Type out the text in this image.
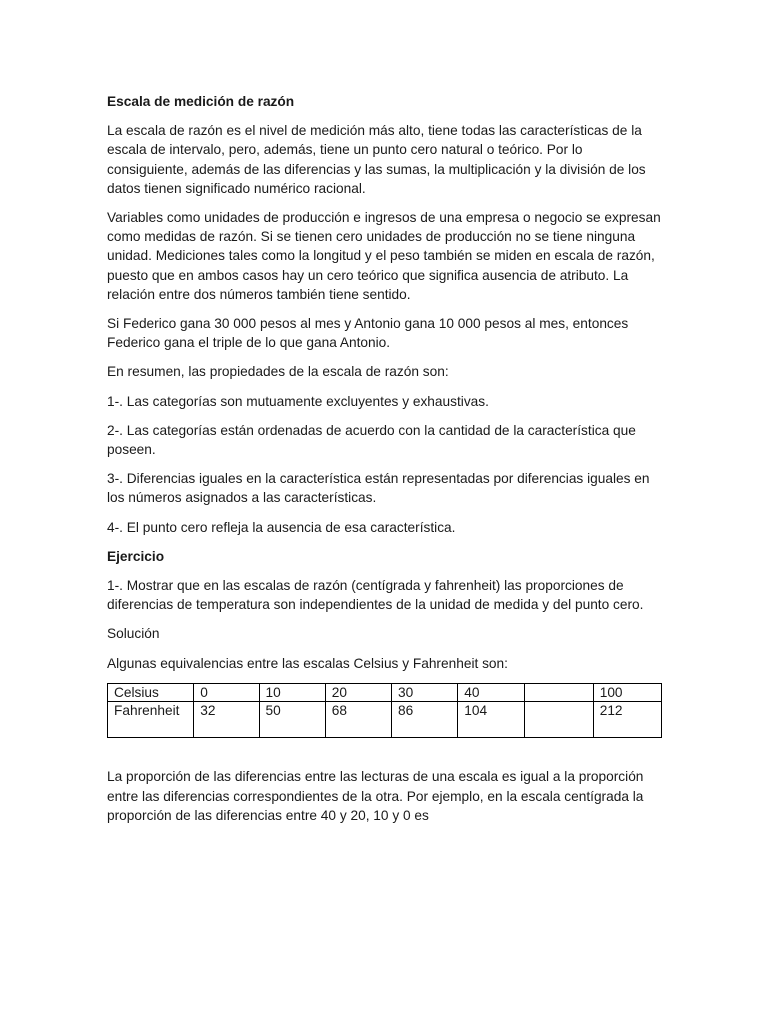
Escala de medición de razón

La escala de razón es el nivel de medición más alto, tiene todas las características de la escala de intervalo, pero, además, tiene un punto cero natural o teórico. Por lo consiguiente, además de las diferencias y las sumas, la multiplicación y la división de los datos tienen significado numérico racional.

Variables como unidades de producción e ingresos de una empresa o negocio se expresan como medidas de razón. Si se tienen cero unidades de producción no se tiene ninguna unidad. Mediciones tales como la longitud y el peso también se miden en escala de razón, puesto que en ambos casos hay un cero teórico que significa ausencia de atributo. La relación entre dos números también tiene sentido.

Si Federico gana 30 000 pesos al mes y Antonio gana 10 000 pesos al mes, entonces Federico gana el triple de lo que gana Antonio.

En resumen, las propiedades de la escala de razón son:

1-. Las categorías son mutuamente excluyentes y exhaustivas.

2-. Las categorías están ordenadas de acuerdo con la cantidad de la característica que poseen.

3-. Diferencias iguales en la característica están representadas por diferencias iguales en los números asignados a las características.

4-. El punto cero refleja la ausencia de esa característica.

Ejercicio

1-. Mostrar que en las escalas de razón (centígrada y fahrenheit) las proporciones de diferencias de temperatura son independientes de la unidad de medida y del punto cero.

Solución

Algunas equivalencias entre las escalas Celsius y Fahrenheit son:

Celsius	0	10	20	30	40		100
Fahrenheit	32	50	68	86	104		212

La proporción de las diferencias entre las lecturas de una escala es igual a la proporción entre las diferencias correspondientes de la otra. Por ejemplo, en la escala centígrada la proporción de las diferencias entre 40 y 20, 10 y 0 es
